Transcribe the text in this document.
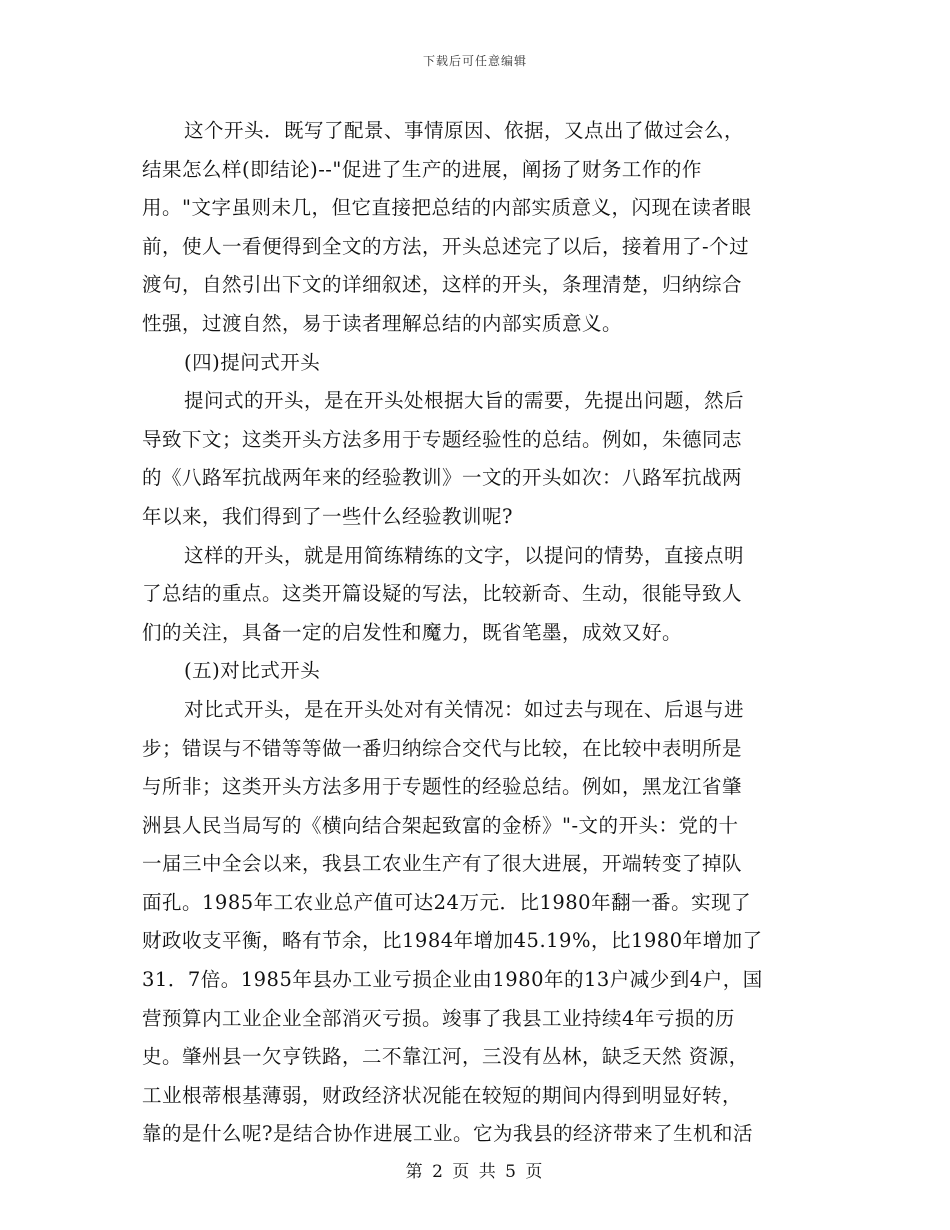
下载后可任意编辑
这个开头．既写了配景、事情原因、依据，又点出了做过会么，
结果怎么样(即结论)--"促进了生产的进展，阐扬了财务工作的作
用。"文字虽则未几，但它直接把总结的内部实质意义，闪现在读者眼
前，使人一看便得到全文的方法，开头总述完了以后，接着用了-个过
渡句，自然引出下文的详细叙述，这样的开头，条理清楚，归纳综合
性强，过渡自然，易于读者理解总结的内部实质意义。
(四)提问式开头
提问式的开头，是在开头处根据大旨的需要，先提出问题，然后
导致下文；这类开头方法多用于专题经验性的总结。例如，朱德同志
的《八路军抗战两年来的经验教训》一文的开头如次：八路军抗战两
年以来，我们得到了一些什么经验教训呢?
这样的开头，就是用简练精练的文字，以提问的情势，直接点明
了总结的重点。这类开篇设疑的写法，比较新奇、生动，很能导致人
们的关注，具备一定的启发性和魔力，既省笔墨，成效又好。
(五)对比式开头
对比式开头，是在开头处对有关情况：如过去与现在、后退与进
步；错误与不错等等做一番归纳综合交代与比较，在比较中表明所是
与所非；这类开头方法多用于专题性的经验总结。例如，黑龙江省肇
洲县人民当局写的《横向结合架起致富的金桥》"-文的开头：党的十
一届三中全会以来，我县工农业生产有了很大进展，开端转变了掉队
面孔。1985年工农业总产值可达24万元．比1980年翻一番。实现了
财政收支平衡，略有节余，比1984年增加45.19%，比1980年增加了
31．7倍。1985年县办工业亏损企业由1980年的13户减少到4户，国
营预算内工业企业全部消灭亏损。竣事了我县工业持续4年亏损的历
史。肇州县一欠亨铁路，二不靠江河，三没有丛林，缺乏天然 资源，
工业根蒂根基薄弱，财政经济状况能在较短的期间内得到明显好转，
靠的是什么呢?是结合协作进展工业。它为我县的经济带来了生机和活
第 2 页 共 5 页
